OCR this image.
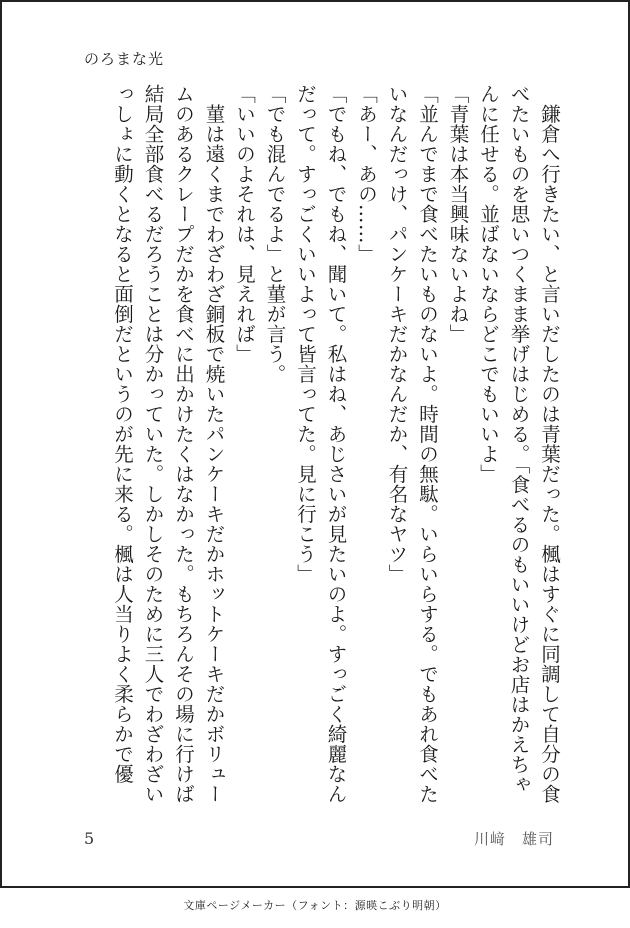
のろまな光

　鎌倉へ行きたい、と言いだしたのは青葉だった。楓はすぐに同調して自分の食べたいものを思いつくまま挙げはじめる。「食べるのもいいけどお店はかえちゃんに任せる。並ばないならどこでもいいよ」

「青葉は本当興味ないよね」

「並んでまで食べたいものないよ。時間の無駄。いらいらする。でもあれ食べたいなんだっけ、パンケーキだかなんだか、有名なヤツ」

「あー、あの……」

「でもね、でもね、聞いて。私はね、あじさいが見たいのよ。すっごく綺麗なんだって。すっごくいいよって皆言ってた。見に行こう」

「でも混んでるよ」と菫が言う。

「いいのよそれは、見えれば」

　菫は遠くまでわざわざ銅板で焼いたパンケーキだかホットケーキだかボリュームのあるクレープだかを食べに出かけたくはなかった。もちろんその場に行けば結局全部食べるだろうことは分かっていた。しかしそのために三人でわざわざいっしょに動くとなると面倒だというのが先に来る。楓は人当りよく柔らかで優

5	川﨑　雄司
文庫ページメーカー（フォント：源暎こぶり明朝）
